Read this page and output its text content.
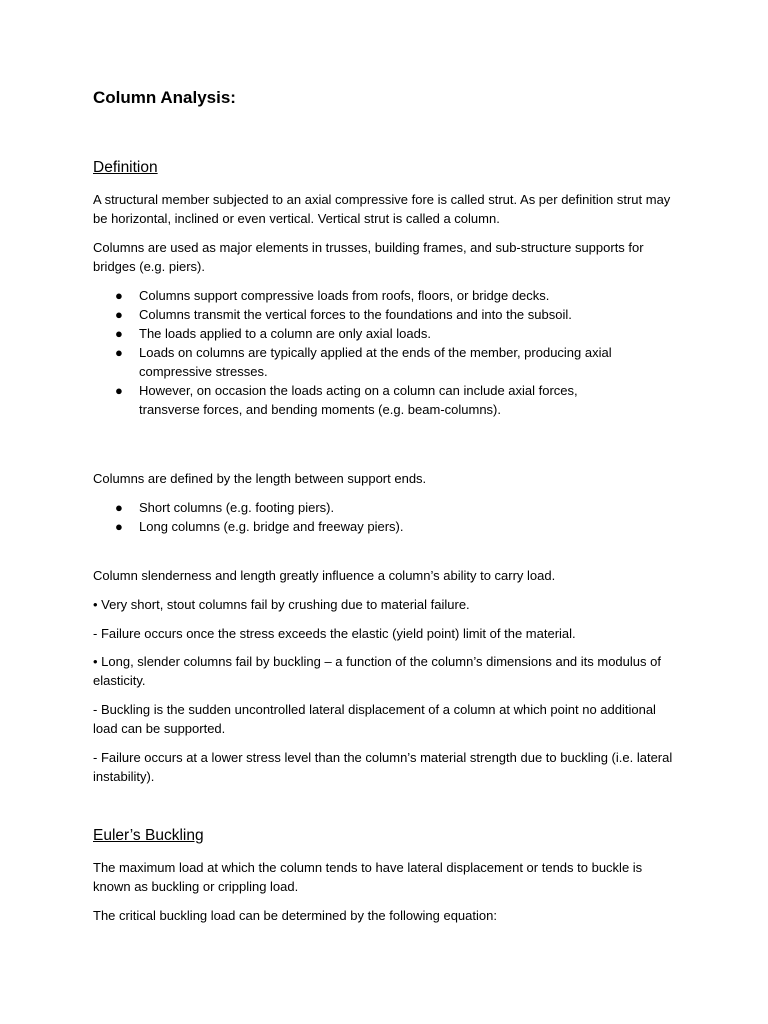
Column Analysis:
Definition

A structural member subjected to an axial compressive fore is called strut. As per definition strut may be horizontal, inclined or even vertical. Vertical strut is called a column.

Columns are used as major elements in trusses, building frames, and sub-structure supports for bridges (e.g. piers).

● Columns support compressive loads from roofs, floors, or bridge decks.
● Columns transmit the vertical forces to the foundations and into the subsoil.
● The loads applied to a column are only axial loads.
● Loads on columns are typically applied at the ends of the member, producing axial compressive stresses.
● However, on occasion the loads acting on a column can include axial forces, transverse forces, and bending moments (e.g. beam-columns).

Columns are defined by the length between support ends.

● Short columns (e.g. footing piers).
● Long columns (e.g. bridge and freeway piers).

Column slenderness and length greatly influence a column’s ability to carry load.

• Very short, stout columns fail by crushing due to material failure.

- Failure occurs once the stress exceeds the elastic (yield point) limit of the material.

• Long, slender columns fail by buckling – a function of the column’s dimensions and its modulus of elasticity.

- Buckling is the sudden uncontrolled lateral displacement of a column at which point no additional load can be supported.

- Failure occurs at a lower stress level than the column’s material strength due to buckling (i.e. lateral instability).

Euler’s Buckling

The maximum load at which the column tends to have lateral displacement or tends to buckle is known as buckling or crippling load.

The critical buckling load can be determined by the following equation:
